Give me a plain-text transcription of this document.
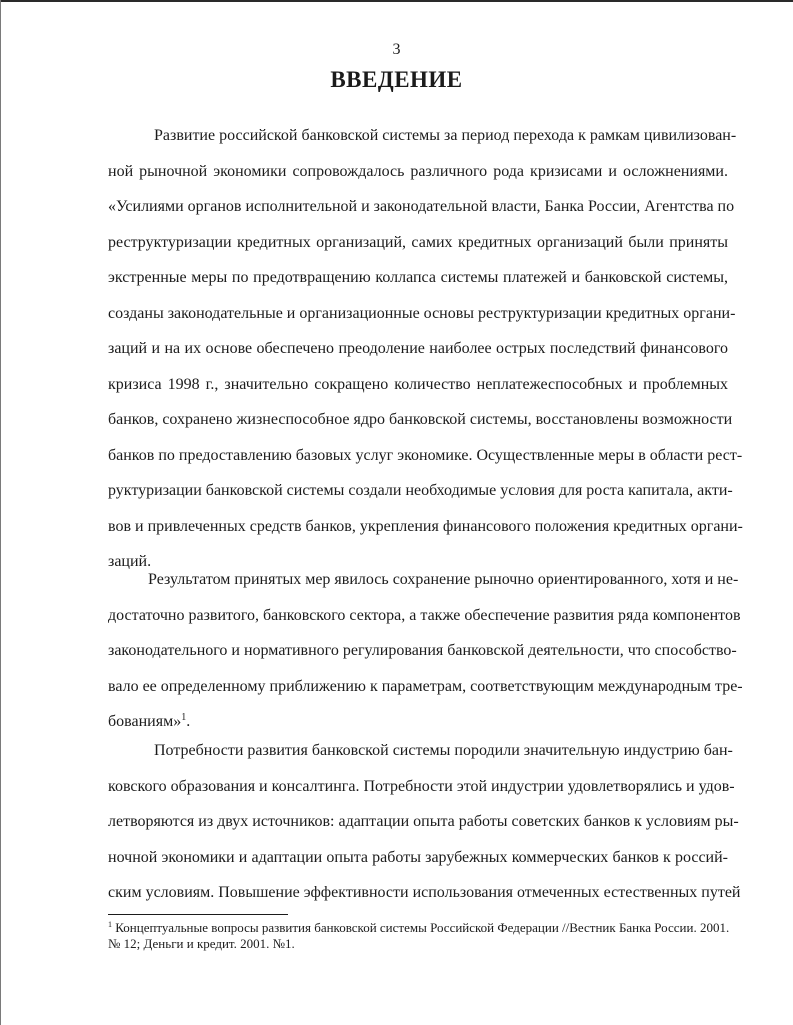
3
ВВЕДЕНИЕ
Развитие российской банковской системы за период перехода к рамкам цивилизован-
ной рыночной экономики сопровождалось различного рода кризисами и осложнениями.
«Усилиями органов исполнительной и законодательной власти, Банка России, Агентства по
реструктуризации кредитных организаций, самих кредитных организаций были приняты
экстренные меры по предотвращению коллапса системы платежей и банковской системы,
созданы законодательные и организационные основы реструктуризации кредитных органи-
заций и на их основе обеспечено преодоление наиболее острых последствий финансового
кризиса 1998 г., значительно сокращено количество неплатежеспособных и проблемных
банков, сохранено жизнеспособное ядро банковской системы, восстановлены возможности
банков по предоставлению базовых услуг экономике. Осуществленные меры в области рест-
руктуризации банковской системы создали необходимые условия для роста капитала, акти-
вов и привлеченных средств банков, укрепления финансового положения кредитных органи-
заций.
Результатом принятых мер явилось сохранение рыночно ориентированного, хотя и не-
достаточно развитого, банковского сектора, а также обеспечение развития ряда компонентов
законодательного и нормативного регулирования банковской деятельности, что способство-
вало ее определенному приближению к параметрам, соответствующим международным тре-
бованиям»$^1$.
Потребности развития банковской системы породили значительную индустрию бан-
ковского образования и консалтинга. Потребности этой индустрии удовлетворялись и удов-
летворяются из двух источников: адаптации опыта работы советских банков к условиям ры-
ночной экономики и адаптации опыта работы зарубежных коммерческих банков к россий-
ским условиям. Повышение эффективности использования отмеченных естественных путей
$^1$ Концептуальные вопросы развития банковской системы Российской Федерации //Вестник Банка России. 2001.
№ 12; Деньги и кредит. 2001. №1.
